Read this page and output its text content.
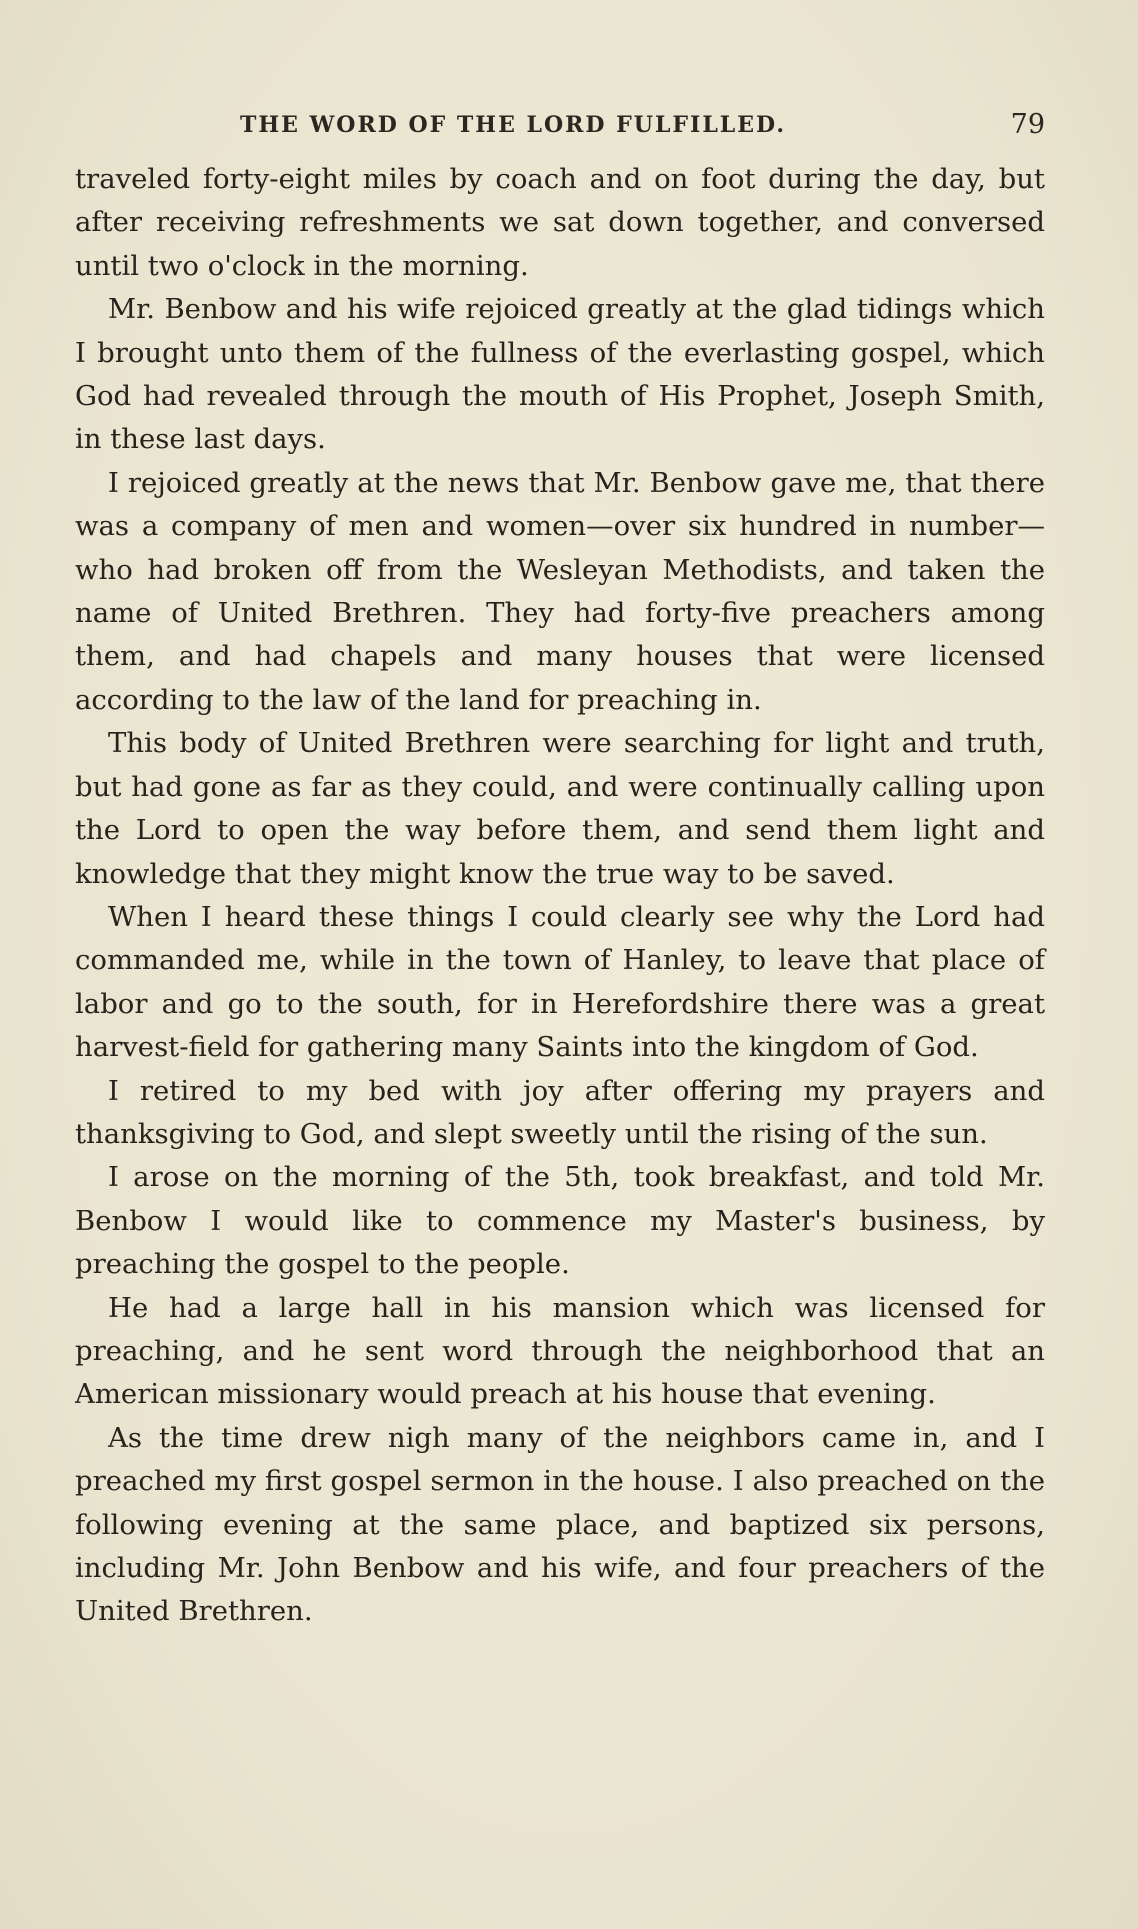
THE WORD OF THE LORD FULFILLED.	79

traveled forty-eight miles by coach and on foot during the day, but after receiving refreshments we sat down together, and conversed until two o'clock in the morning.

Mr. Benbow and his wife rejoiced greatly at the glad tidings which I brought unto them of the fullness of the everlasting gospel, which God had revealed through the mouth of His Prophet, Joseph Smith, in these last days.

I rejoiced greatly at the news that Mr. Benbow gave me, that there was a company of men and women—over six hundred in number—who had broken off from the Wesleyan Methodists, and taken the name of United Brethren. They had forty-five preachers among them, and had chapels and many houses that were licensed according to the law of the land for preaching in.

This body of United Brethren were searching for light and truth, but had gone as far as they could, and were continually calling upon the Lord to open the way before them, and send them light and knowledge that they might know the true way to be saved.

When I heard these things I could clearly see why the Lord had commanded me, while in the town of Hanley, to leave that place of labor and go to the south, for in Herefordshire there was a great harvest-field for gathering many Saints into the kingdom of God.

I retired to my bed with joy after offering my prayers and thanksgiving to God, and slept sweetly until the rising of the sun.

I arose on the morning of the 5th, took breakfast, and told Mr. Benbow I would like to commence my Master's business, by preaching the gospel to the people.

He had a large hall in his mansion which was licensed for preaching, and he sent word through the neighborhood that an American missionary would preach at his house that evening.

As the time drew nigh many of the neighbors came in, and I preached my first gospel sermon in the house. I also preached on the following evening at the same place, and baptized six persons, including Mr. John Benbow and his wife, and four preachers of the United Brethren.
